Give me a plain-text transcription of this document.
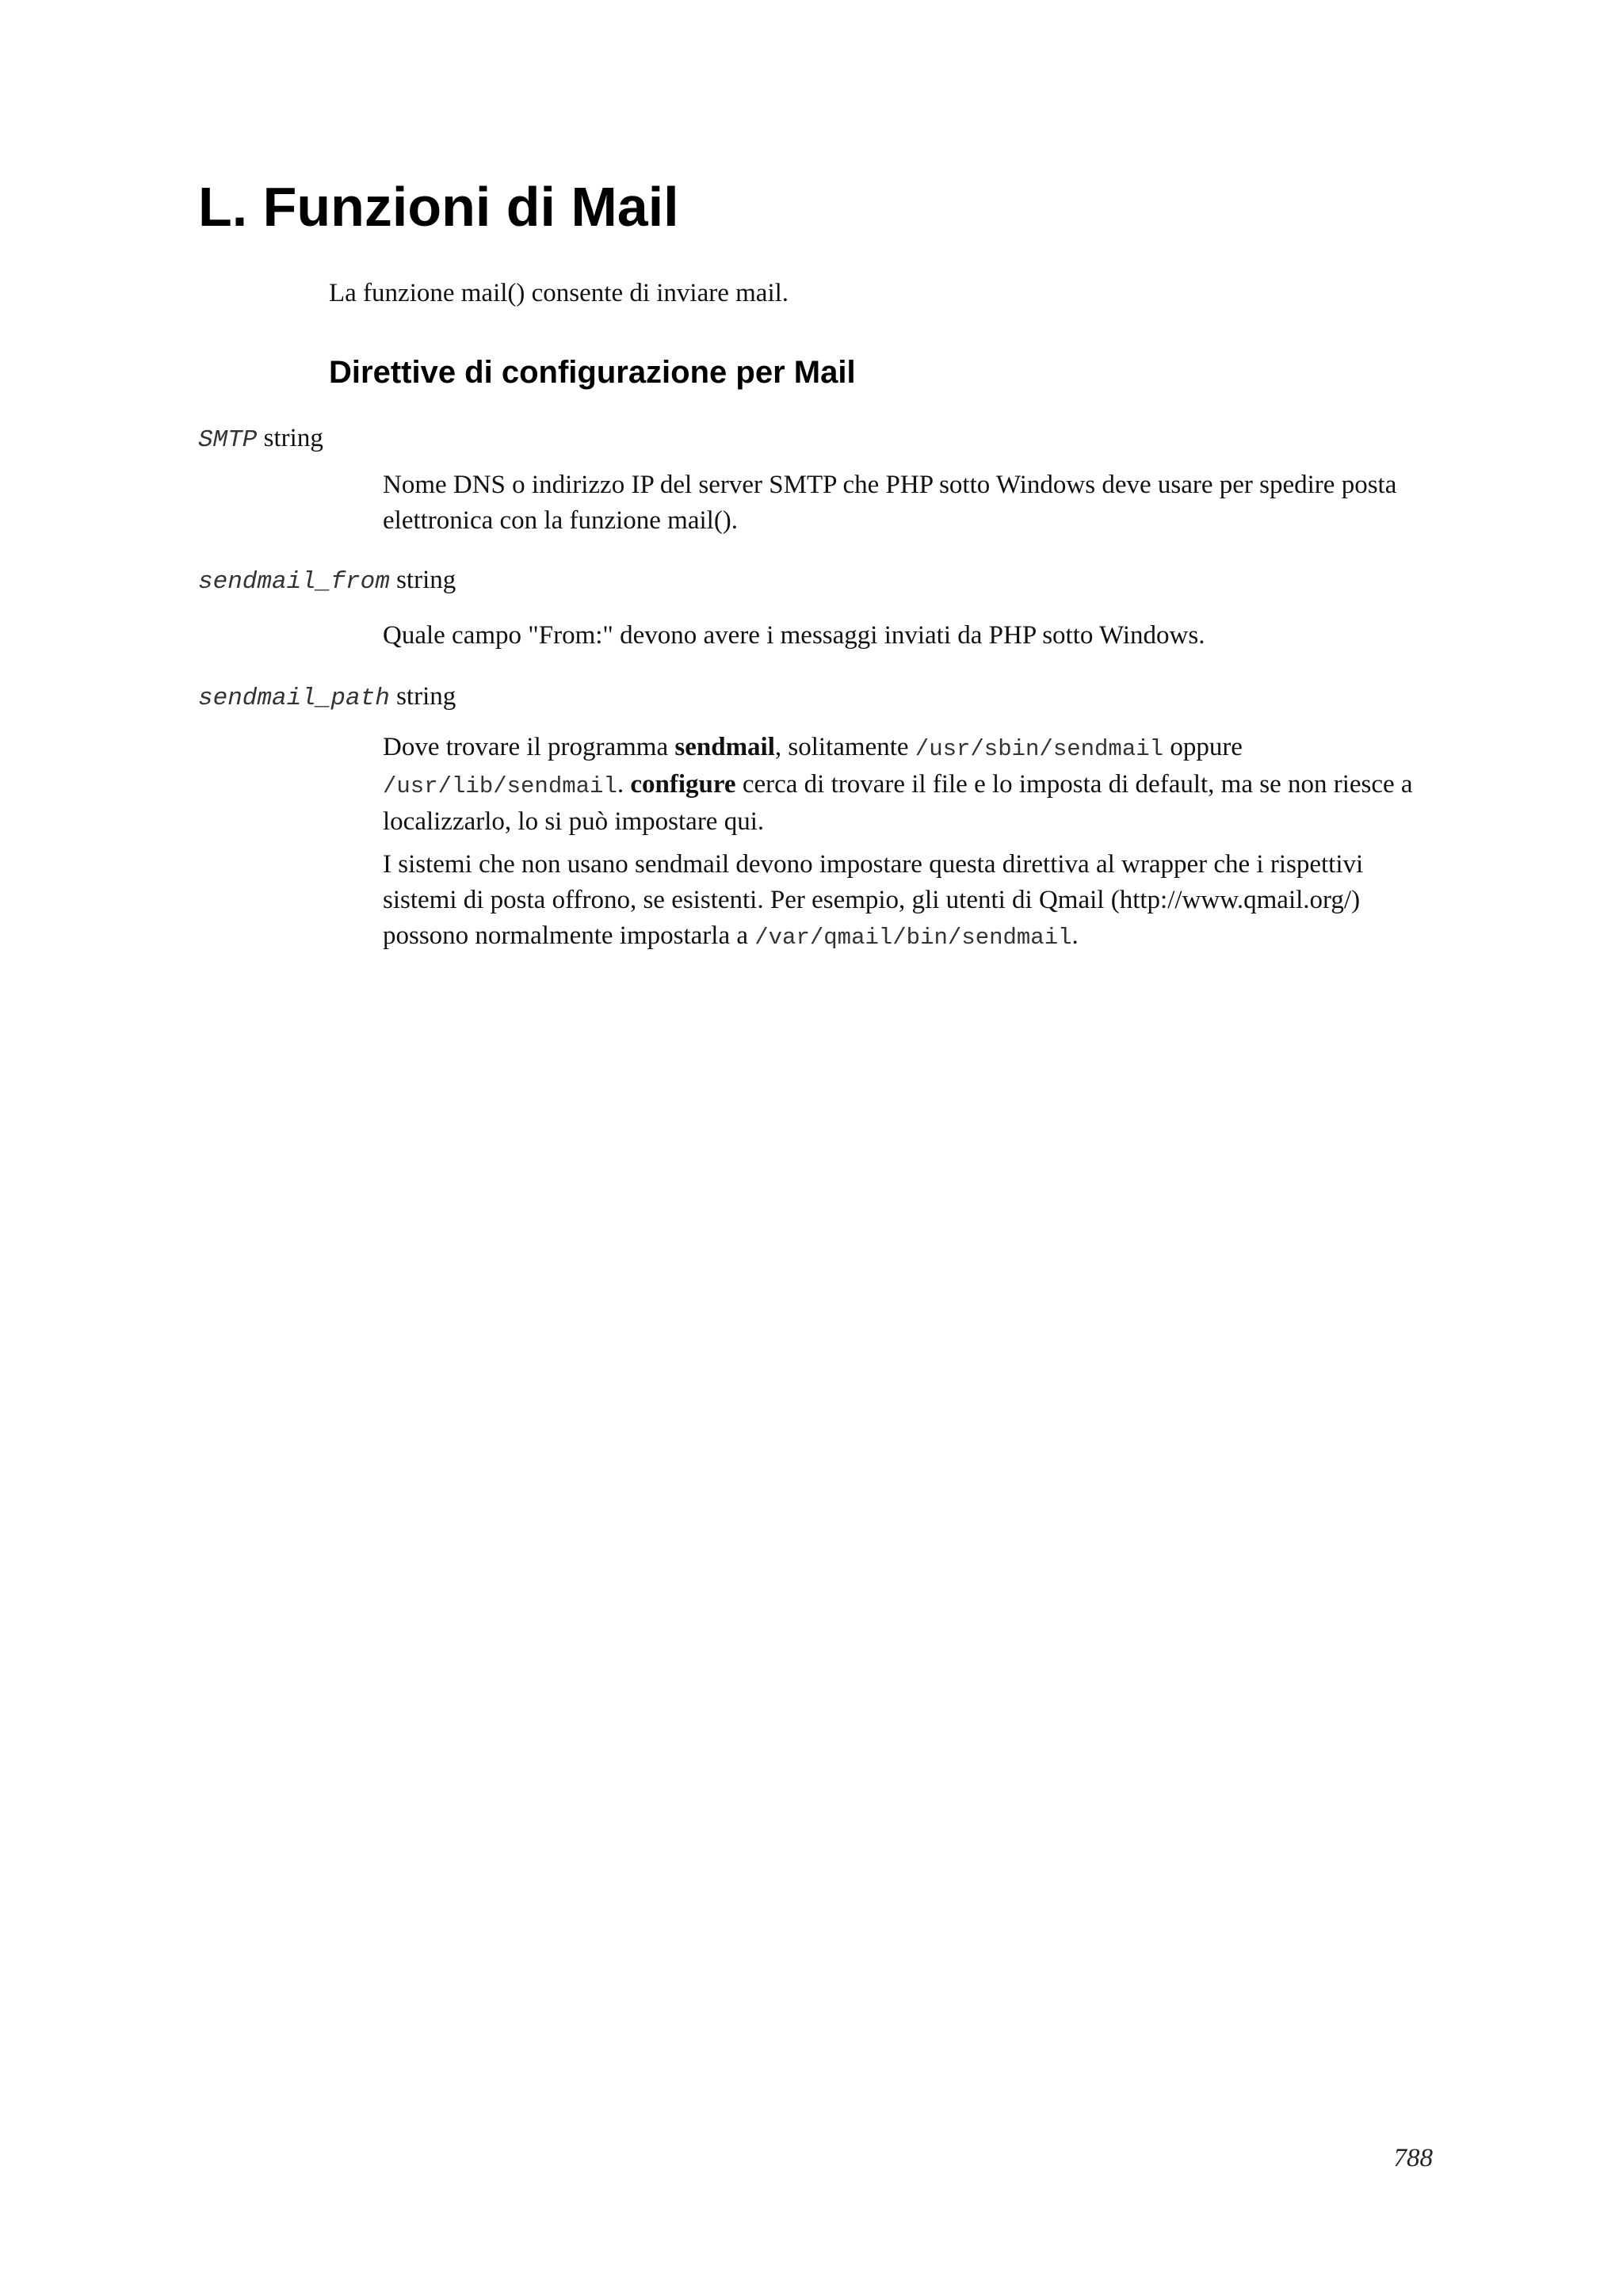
L. Funzioni di Mail

La funzione mail() consente di inviare mail.

Direttive di configurazione per Mail

SMTP string

Nome DNS o indirizzo IP del server SMTP che PHP sotto Windows deve usare per spedire posta elettronica con la funzione mail().

sendmail_from string

Quale campo "From:" devono avere i messaggi inviati da PHP sotto Windows.

sendmail_path string

Dove trovare il programma sendmail, solitamente /usr/sbin/sendmail oppure /usr/lib/sendmail. configure cerca di trovare il file e lo imposta di default, ma se non riesce a localizzarlo, lo si può impostare qui.

I sistemi che non usano sendmail devono impostare questa direttiva al wrapper che i rispettivi sistemi di posta offrono, se esistenti. Per esempio, gli utenti di Qmail (http://www.qmail.org/) possono normalmente impostarla a /var/qmail/bin/sendmail.

788
